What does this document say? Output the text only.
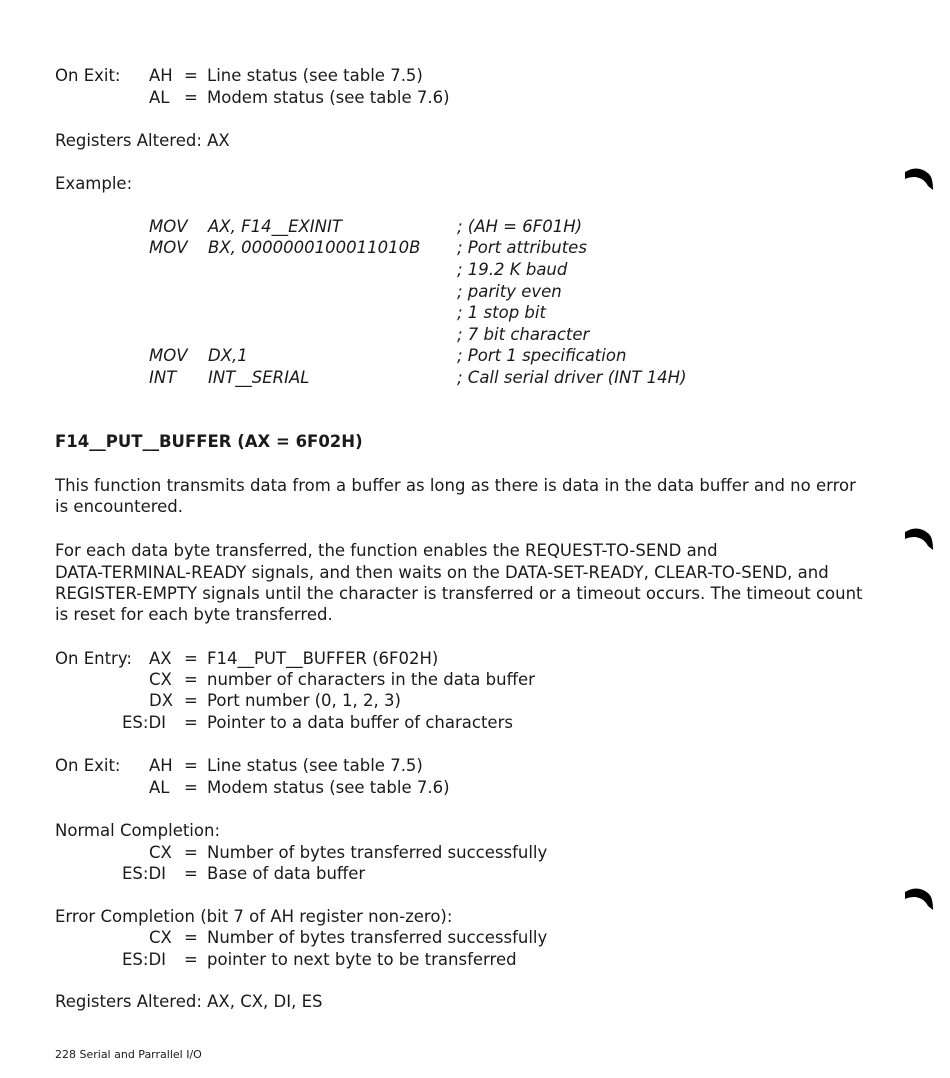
On Exit: AH = Line status (see table 7.5)
AL = Modem status (see table 7.6)
Registers Altered: AX
Example:
MOV AX, F14__EXINIT	; (AH = 6F01H)
MOV BX, 0000000100011010B ; Port attributes
; 19.2 K baud
; parity even
; 1 stop bit
; 7 bit character
MOV DX,1	; Port 1 specification
INT INT__SERIAL	; Call serial driver (INT 14H)
F14__PUT__BUFFER (AX = 6F02H)
This function transmits data from a buffer as long as there is data in the data buffer and no error
is encountered.
For each data byte transferred, the function enables the REQUEST-TO-SEND and
DATA-TERMINAL-READY signals, and then waits on the DATA-SET-READY, CLEAR-TO-SEND, and
REGISTER-EMPTY signals until the character is transferred or a timeout occurs. The timeout count
is reset for each byte transferred.
On Entry: AX = F14__PUT__BUFFER (6F02H)
CX = number of characters in the data buffer
DX = Port number (0, 1, 2, 3)
ES:DI = Pointer to a data buffer of characters
On Exit: AH = Line status (see table 7.5)
AL = Modem status (see table 7.6)
Normal Completion:
CX = Number of bytes transferred successfully
ES:DI = Base of data buffer
Error Completion (bit 7 of AH register non-zero):
CX = Number of bytes transferred successfully
ES:DI = pointer to next byte to be transferred
Registers Altered: AX, CX, DI, ES
228 Serial and Parrallel I/O
